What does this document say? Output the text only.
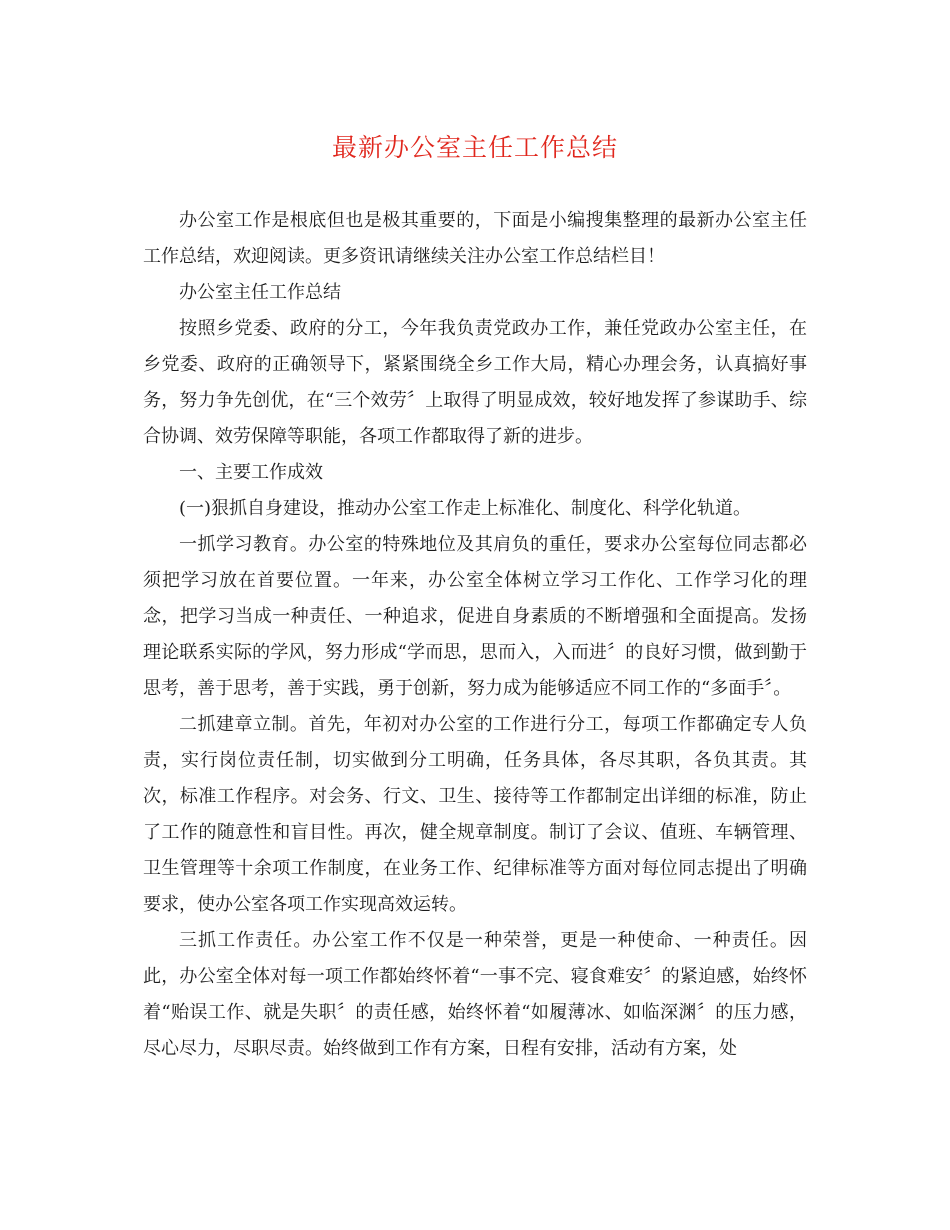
最新办公室主任工作总结

办公室工作是根底但也是极其重要的，下面是小编搜集整理的最新办公室主任工作总结，欢迎阅读。更多资讯请继续关注办公室工作总结栏目！

办公室主任工作总结

按照乡党委、政府的分工，今年我负责党政办工作，兼任党政办公室主任，在乡党委、政府的正确领导下，紧紧围绕全乡工作大局，精心办理会务，认真搞好事务，努力争先创优，在“三个效劳〞上取得了明显成效，较好地发挥了参谋助手、综合协调、效劳保障等职能，各项工作都取得了新的进步。

一、主要工作成效

(一)狠抓自身建设，推动办公室工作走上标准化、制度化、科学化轨道。

一抓学习教育。办公室的特殊地位及其肩负的重任，要求办公室每位同志都必须把学习放在首要位置。一年来，办公室全体树立学习工作化、工作学习化的理念，把学习当成一种责任、一种追求，促进自身素质的不断增强和全面提高。发扬理论联系实际的学风，努力形成“学而思，思而入，入而进〞的良好习惯，做到勤于思考，善于思考，善于实践，勇于创新，努力成为能够适应不同工作的“多面手〞。

二抓建章立制。首先，年初对办公室的工作进行分工，每项工作都确定专人负责，实行岗位责任制，切实做到分工明确，任务具体，各尽其职，各负其责。其次，标准工作程序。对会务、行文、卫生、接待等工作都制定出详细的标准，防止了工作的随意性和盲目性。再次，健全规章制度。制订了会议、值班、车辆管理、卫生管理等十余项工作制度，在业务工作、纪律标准等方面对每位同志提出了明确要求，使办公室各项工作实现高效运转。

三抓工作责任。办公室工作不仅是一种荣誉，更是一种使命、一种责任。因此，办公室全体对每一项工作都始终怀着“一事不完、寝食难安〞的紧迫感，始终怀着“贻误工作、就是失职〞的责任感，始终怀着“如履薄冰、如临深渊〞的压力感，尽心尽力，尽职尽责。始终做到工作有方案，日程有安排，活动有方案，处
